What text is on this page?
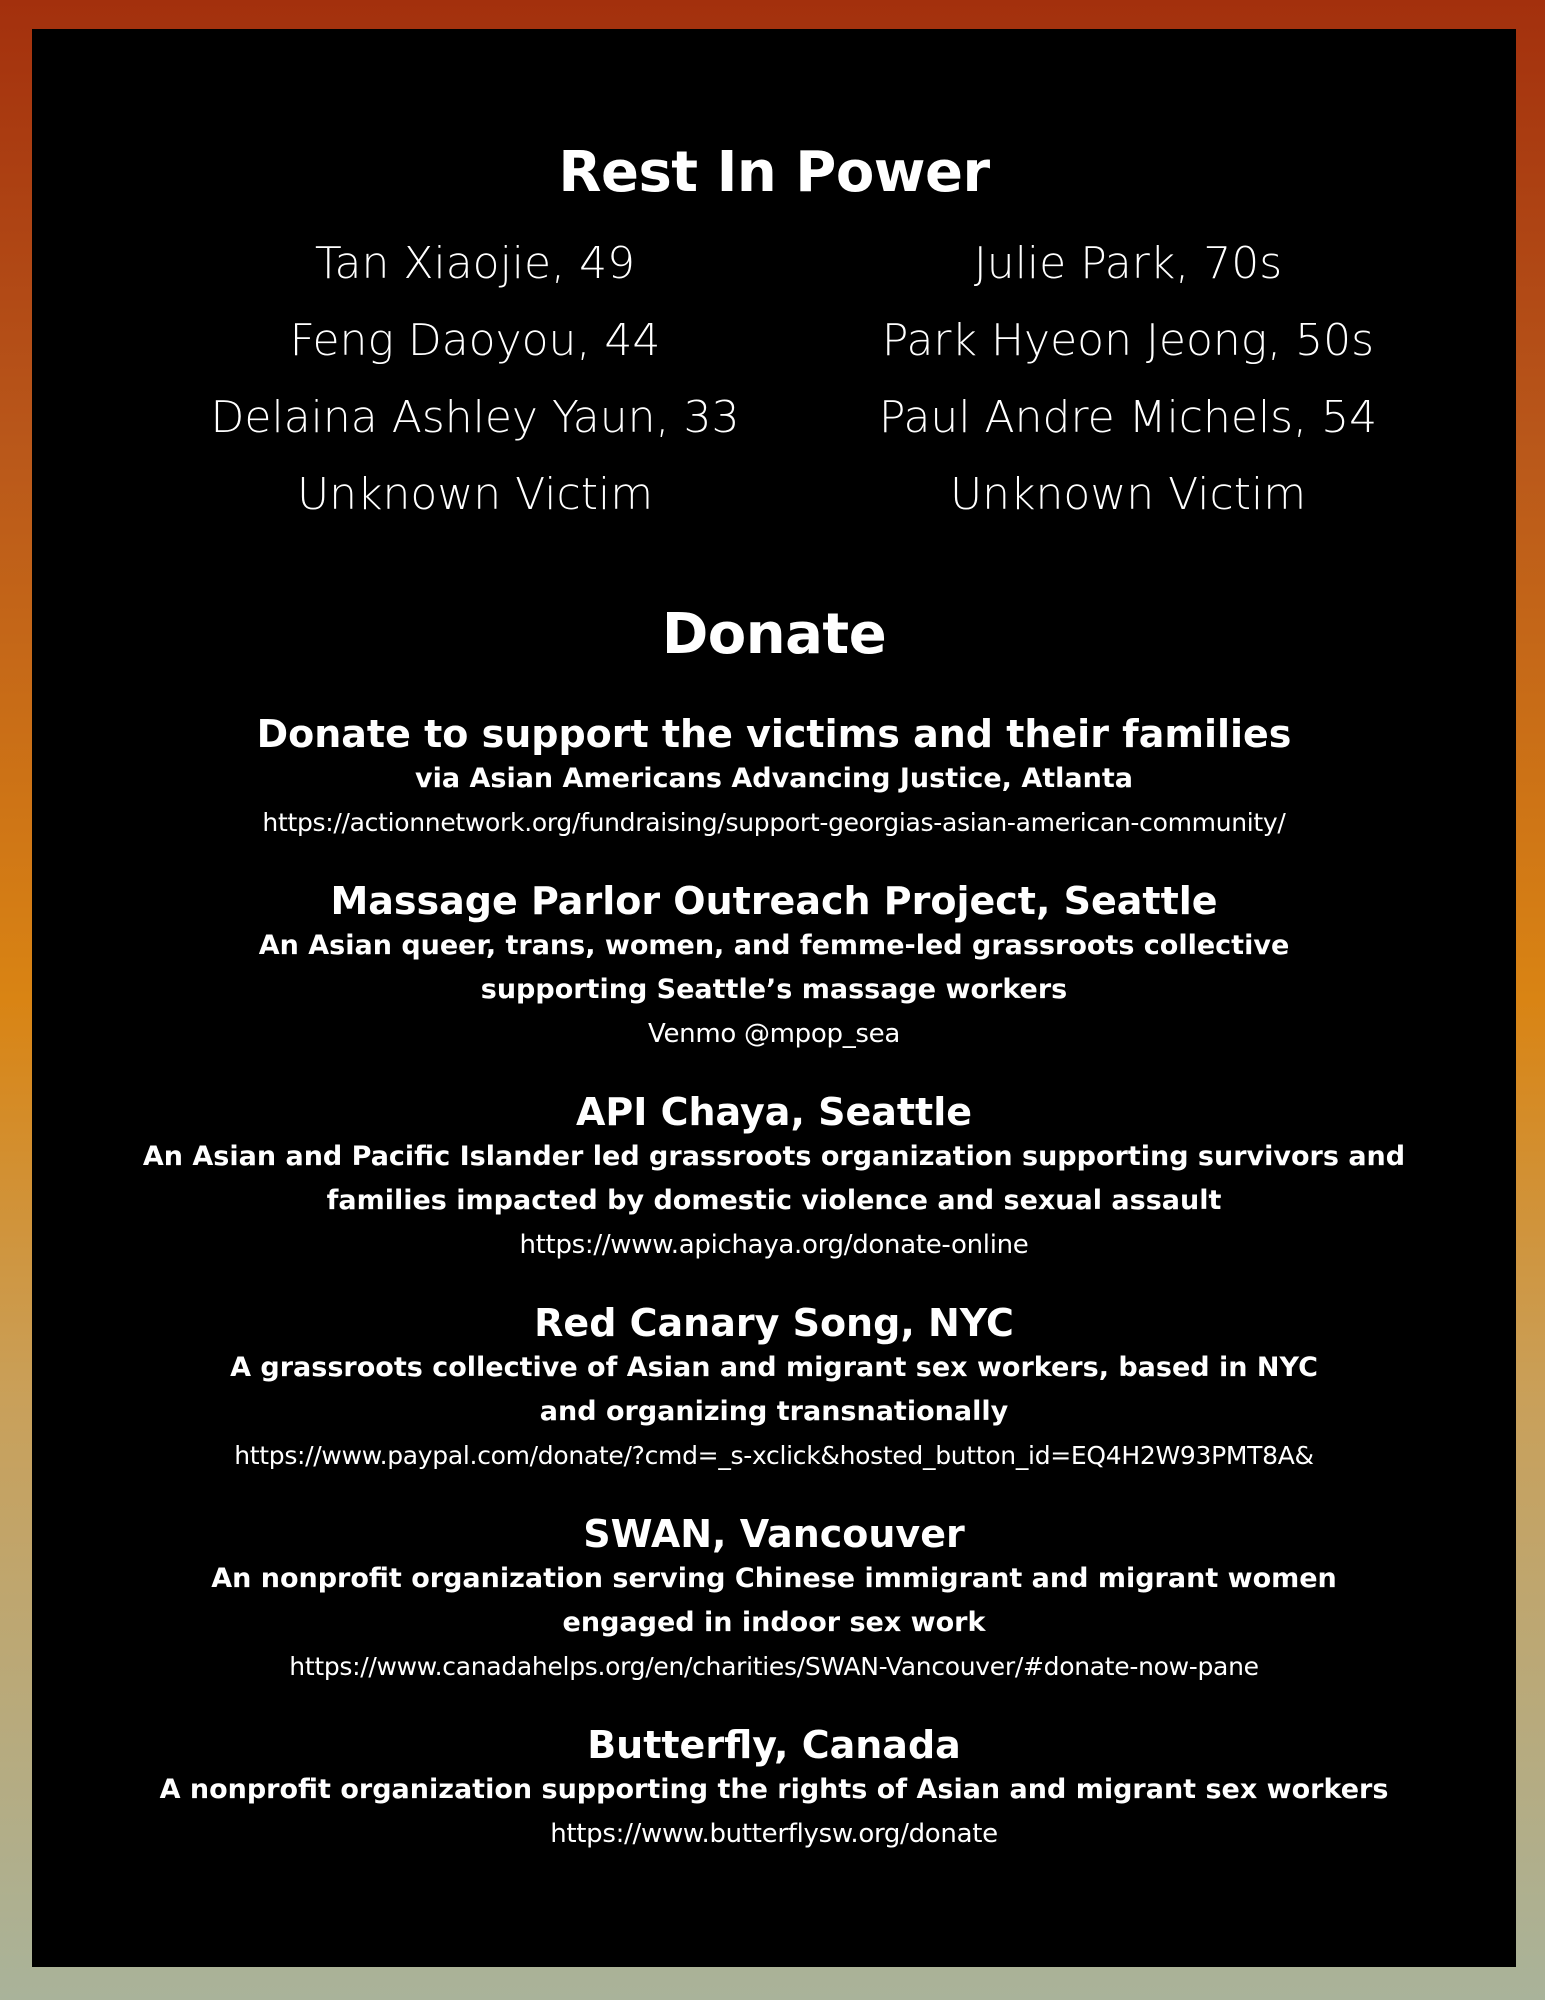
Rest In Power
Tan Xiaojie, 49
Feng Daoyou, 44
Delaina Ashley Yaun, 33
Unknown Victim
Julie Park, 70s
Park Hyeon Jeong, 50s
Paul Andre Michels, 54
Unknown Victim
Donate
Donate to support the victims and their families
via Asian Americans Advancing Justice, Atlanta
https://actionnetwork.org/fundraising/support-georgias-asian-american-community/
Massage Parlor Outreach Project, Seattle
An Asian queer, trans, women, and femme-led grassroots collective
supporting Seattle’s massage workers
Venmo @mpop_sea
API Chaya, Seattle
An Asian and Pacific Islander led grassroots organization supporting survivors and
families impacted by domestic violence and sexual assault
https://www.apichaya.org/donate-online
Red Canary Song, NYC
A grassroots collective of Asian and migrant sex workers, based in NYC
and organizing transnationally
https://www.paypal.com/donate/?cmd=_s-xclick&hosted_button_id=EQ4H2W93PMT8A&
SWAN, Vancouver
An nonprofit organization serving Chinese immigrant and migrant women
engaged in indoor sex work
https://www.canadahelps.org/en/charities/SWAN-Vancouver/#donate-now-pane
Butterfly, Canada
A nonprofit organization supporting the rights of Asian and migrant sex workers
https://www.butterflysw.org/donate
